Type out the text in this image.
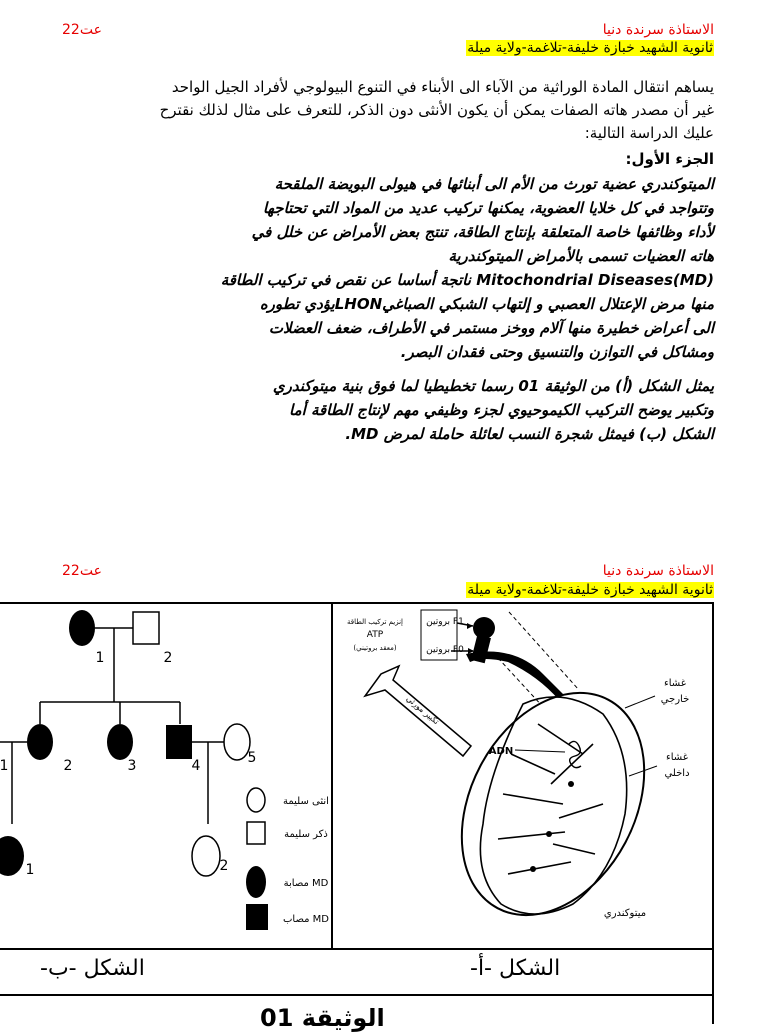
2عت2	الاستاذة سرندة دنيا
ثانوية الشهيد خبازة خليفة-تلاغمة-ولاية ميلة
يساهم انتقال المادة الوراثية من الآباء الى الأبناء في التنوع البيولوجي لأفراد الجيل الواحد
غير أن مصدر هاته الصفات يمكن أن يكون الأنثى دون الذكر، للتعرف على مثال لذلك نقترح
عليك الدراسة التالية:
الجزء الأول:
الميتوكندري عضية تورث من الأم الى أبنائها في هيولى البويضة الملقحة
وتتواجد في كل خلايا العضوية، يمكنها تركيب عديد من المواد التي تحتاجها
لأداء وظائفها خاصة المتعلقة بإنتاج الطاقة، تنتج بعض الأمراض عن خلل في
هاته العضيات تسمى بالأمراض الميتوكندرية
(Mitochondrial Diseases(MD ناتجة أساسا عن نقص في تركيب الطاقة
منها مرض الإعتلال العصبي و إلتهاب الشبكي الصباغيLHONيؤدي تطوره
الى أعراض خطيرة منها آلام ووخز مستمر في الأطراف، ضعف العضلات
ومشاكل في التوازن والتنسيق وحتى فقدان البصر.
يمثل الشكل (أ) من الوثيقة 01 رسما تخطيطيا لما فوق بنية ميتوكندري
وتكبير يوضح التركيب الكيموحيوي لجزء وظيفي مهم لإنتاج الطاقة أما
الشكل (ب) فيمثل شجرة النسب لعائلة حاملة لمرض MD.
2عت2	الاستاذة سرندة دنيا
ثانوية الشهيد خبازة خليفة-تلاغمة-ولاية ميلة
بروتين F1
بروتين F0
إنزيم تركيب الطاقة
ATP
(معقد بروتيني)
تكبير مورثي
ADN
غشاء
خارجي
غشاء
داخلي
ميتوكندري
1	2
1	2	3	4	5
1	2
انثى سليمة
ذكر سليمة
مصابة MD
مصاب MD
الشكل -أ-
الشكل -ب-
الوثيقة 01
